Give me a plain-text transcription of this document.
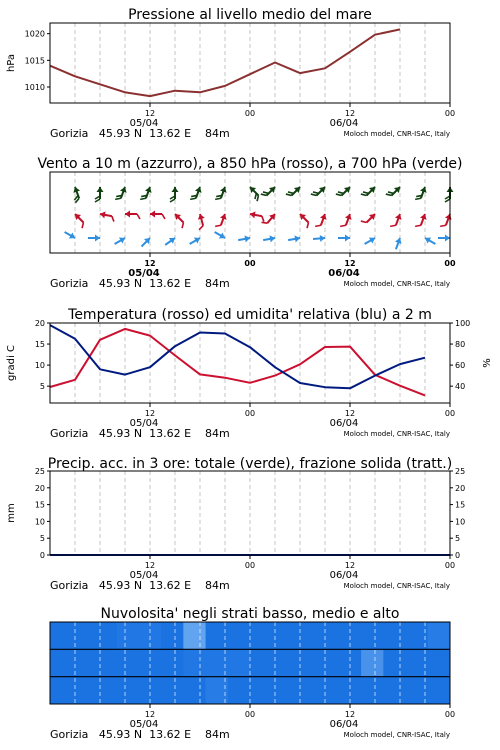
1010
1015
1020
hPa
Pressione al livello medio del mare
12	00	12	00
05/04	06/04
Gorizia   45.93 N  13.62 E    84m	Moloch model, CNR-ISAC, Italy
Vento a 10 m (azzurro), a 850 hPa (rosso), a 700 hPa (verde)
12	00	12	00
05/04	06/04
Gorizia   45.93 N  13.62 E    84m	Moloch model, CNR-ISAC, Italy
5
10
15
20
40
60
80
100
gradi C	%
Temperatura (rosso) ed umidita' relativa (blu) a 2 m
12	00	12	00
05/04	06/04
Gorizia   45.93 N  13.62 E    84m	Moloch model, CNR-ISAC, Italy
0
5
10
15
20
25
0
5
10
15
20
25
mm
Precip. acc. in 3 ore: totale (verde), frazione solida (tratt.)
12	00	12	00
05/04	06/04
Gorizia   45.93 N  13.62 E    84m	Moloch model, CNR-ISAC, Italy
Nuvolosita' negli strati basso, medio e alto
12	00	12	00
05/04	06/04
Gorizia   45.93 N  13.62 E    84m	Moloch model, CNR-ISAC, Italy
